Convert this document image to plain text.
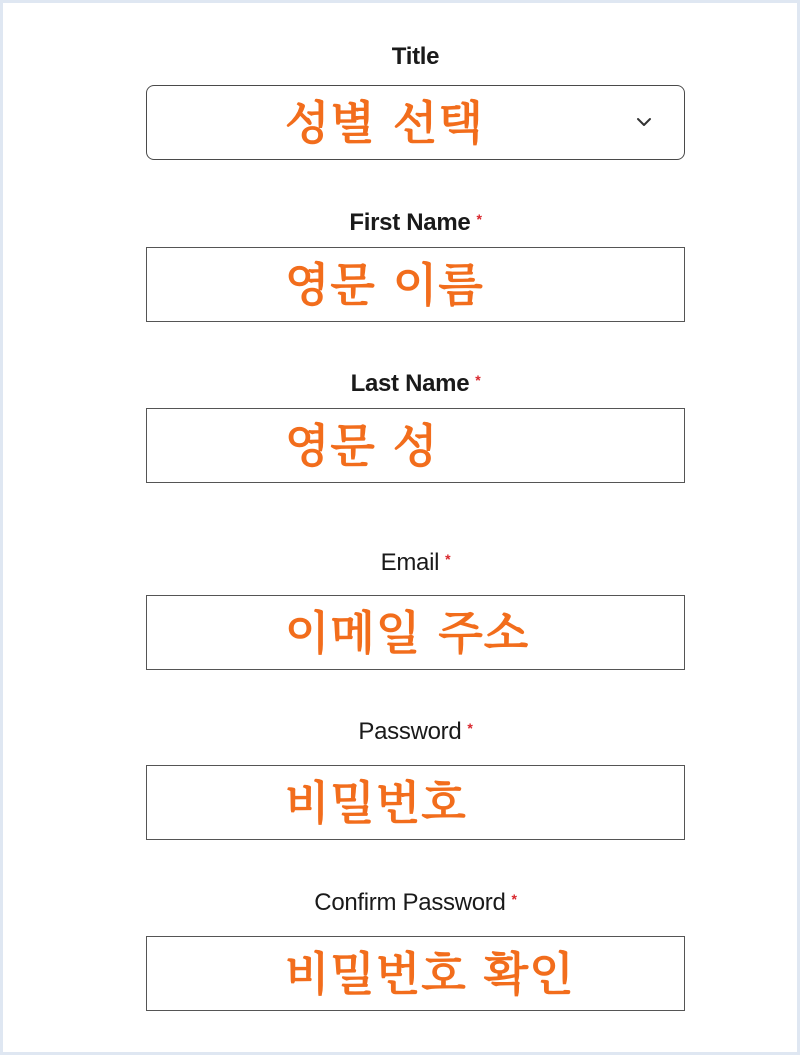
Title
성별 선택
First Name *
영문 이름
Last Name *
영문 성
Email *
이메일 주소
Password *
비밀번호
Confirm Password *
비밀번호 확인
